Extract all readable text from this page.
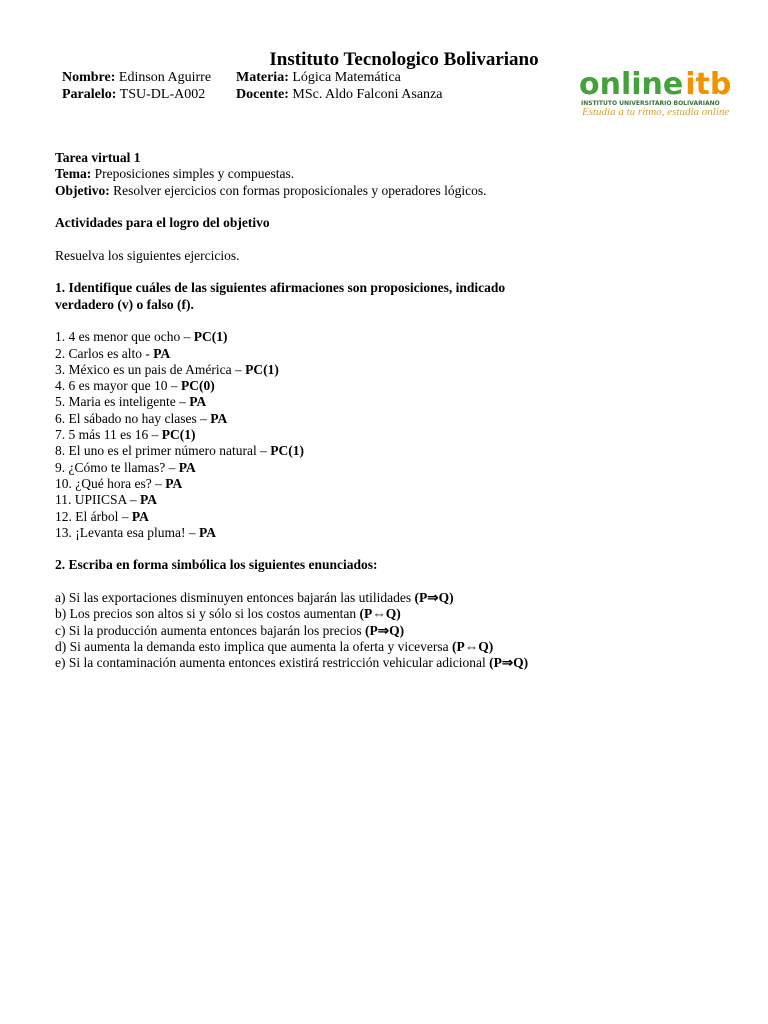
Instituto Tecnologico Bolivariano
Nombre: Edinson Aguirre Materia: Lógica Matemática
Paralelo: TSU-DL-A002 Docente: MSc. Aldo Falconi Asanza	onlineitb
INSTITUTO UNIVERSITARIO BOLIVARIANO
Estudia a tu ritmo, estudia online
Tarea virtual 1
Tema: Preposiciones simples y compuestas.
Objetivo: Resolver ejercicios con formas proposicionales y operadores lógicos.
Actividades para el logro del objetivo
Resuelva los siguientes ejercicios.
1. Identifique cuáles de las siguientes afirmaciones son proposiciones, indicado
verdadero (v) o falso (f).
1. 4 es menor que ocho – PC(1)
2. Carlos es alto - PA
3. México es un pais de América – PC(1)
4. 6 es mayor que 10 – PC(0)
5. Maria es inteligente – PA
6. El sábado no hay clases – PA
7. 5 más 11 es 16 – PC(1)
8. El uno es el primer número natural – PC(1)
9. ¿Cómo te llamas? – PA
10. ¿Qué hora es? – PA
11. UPIICSA – PA
12. El árbol – PA
13. ¡Levanta esa pluma! – PA
2. Escriba en forma simbólica los siguientes enunciados:
a) Si las exportaciones disminuyen entonces bajarán las utilidades (P⇒Q)
b) Los precios son altos si y sólo si los costos aumentan (P⇔Q)
c) Si la producción aumenta entonces bajarán los precios (P⇒Q)
d) Si aumenta la demanda esto implica que aumenta la oferta y viceversa (P⇔Q)
e) Si la contaminación aumenta entonces existirá restricción vehicular adicional (P⇒Q)
